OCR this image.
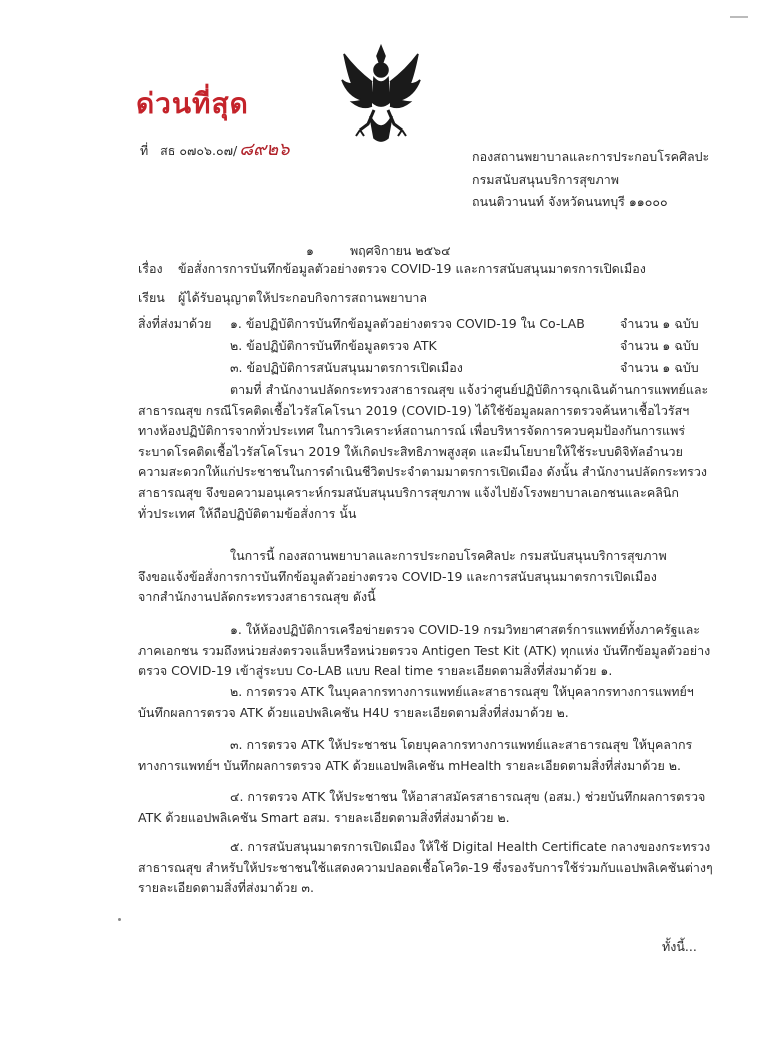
ด่วนที่สุด
ที่ สธ ๐๗๐๖.๐๗/ ๘๙๒๖	กองสถานพยาบาลและการประกอบโรคศิลปะ
กรมสนับสนุนบริการสุขภาพ
ถนนติวานนท์ จังหวัดนนทบุรี ๑๑๐๐๐
๑	พฤศจิกายน ๒๕๖๔
เรื่อง ข้อสั่งการการบันทึกข้อมูลตัวอย่างตรวจ COVID-19 และการสนับสนุนมาตรการเปิดเมือง
เรียน ผู้ได้รับอนุญาตให้ประกอบกิจการสถานพยาบาล
สิ่งที่ส่งมาด้วย ๑. ข้อปฏิบัติการบันทึกข้อมูลตัวอย่างตรวจ COVID-19 ใน Co-LAB	จำนวน ๑ ฉบับ
๒. ข้อปฏิบัติการบันทึกข้อมูลตรวจ ATK	จำนวน ๑ ฉบับ
๓. ข้อปฏิบัติการสนับสนุนมาตรการเปิดเมือง	จำนวน ๑ ฉบับ
ตามที่ สำนักงานปลัดกระทรวงสาธารณสุข แจ้งว่าศูนย์ปฏิบัติการฉุกเฉินด้านการแพทย์และ
สาธารณสุข กรณีโรคติดเชื้อไวรัสโคโรนา 2019 (COVID-19) ได้ใช้ข้อมูลผลการตรวจค้นหาเชื้อไวรัสฯ
ทางห้องปฏิบัติการจากทั่วประเทศ ในการวิเคราะห์สถานการณ์ เพื่อบริหารจัดการควบคุมป้องกันการแพร่
ระบาดโรคติดเชื้อไวรัสโคโรนา 2019 ให้เกิดประสิทธิภาพสูงสุด และมีนโยบายให้ใช้ระบบดิจิทัลอำนวย
ความสะดวกให้แก่ประชาชนในการดำเนินชีวิตประจำตามมาตรการเปิดเมือง ดังนั้น สำนักงานปลัดกระทรวง
สาธารณสุข จึงขอความอนุเคราะห์กรมสนับสนุนบริการสุขภาพ แจ้งไปยังโรงพยาบาลเอกชนและคลินิก
ทั่วประเทศ ให้ถือปฏิบัติตามข้อสั่งการ นั้น
ในการนี้ กองสถานพยาบาลและการประกอบโรคศิลปะ กรมสนับสนุนบริการสุขภาพ
จึงขอแจ้งข้อสั่งการการบันทึกข้อมูลตัวอย่างตรวจ COVID-19 และการสนับสนุนมาตรการเปิดเมือง
จากสำนักงานปลัดกระทรวงสาธารณสุข ดังนี้
๑. ให้ห้องปฏิบัติการเครือข่ายตรวจ COVID-19 กรมวิทยาศาสตร์การแพทย์ทั้งภาครัฐและ
ภาคเอกชน รวมถึงหน่วยส่งตรวจแล็บหรือหน่วยตรวจ Antigen Test Kit (ATK) ทุกแห่ง บันทึกข้อมูลตัวอย่าง
ตรวจ COVID-19 เข้าสู่ระบบ Co-LAB แบบ Real time รายละเอียดตามสิ่งที่ส่งมาด้วย ๑.
๒. การตรวจ ATK ในบุคลากรทางการแพทย์และสาธารณสุข ให้บุคลากรทางการแพทย์ฯ
บันทึกผลการตรวจ ATK ด้วยแอปพลิเคชัน H4U รายละเอียดตามสิ่งที่ส่งมาด้วย ๒.
๓. การตรวจ ATK ให้ประชาชน โดยบุคลากรทางการแพทย์และสาธารณสุข ให้บุคลากร
ทางการแพทย์ฯ บันทึกผลการตรวจ ATK ด้วยแอปพลิเคชัน mHealth รายละเอียดตามสิ่งที่ส่งมาด้วย ๒.
๔. การตรวจ ATK ให้ประชาชน ให้อาสาสมัครสาธารณสุข (อสม.) ช่วยบันทึกผลการตรวจ
ATK ด้วยแอปพลิเคชัน Smart อสม. รายละเอียดตามสิ่งที่ส่งมาด้วย ๒.
๕. การสนับสนุนมาตรการเปิดเมือง ให้ใช้ Digital Health Certificate กลางของกระทรวง
สาธารณสุข สำหรับให้ประชาชนใช้แสดงความปลอดเชื้อโควิด-19 ซึ่งรองรับการใช้ร่วมกับแอปพลิเคชันต่างๆ
รายละเอียดตามสิ่งที่ส่งมาด้วย ๓.
ทั้งนี้...
